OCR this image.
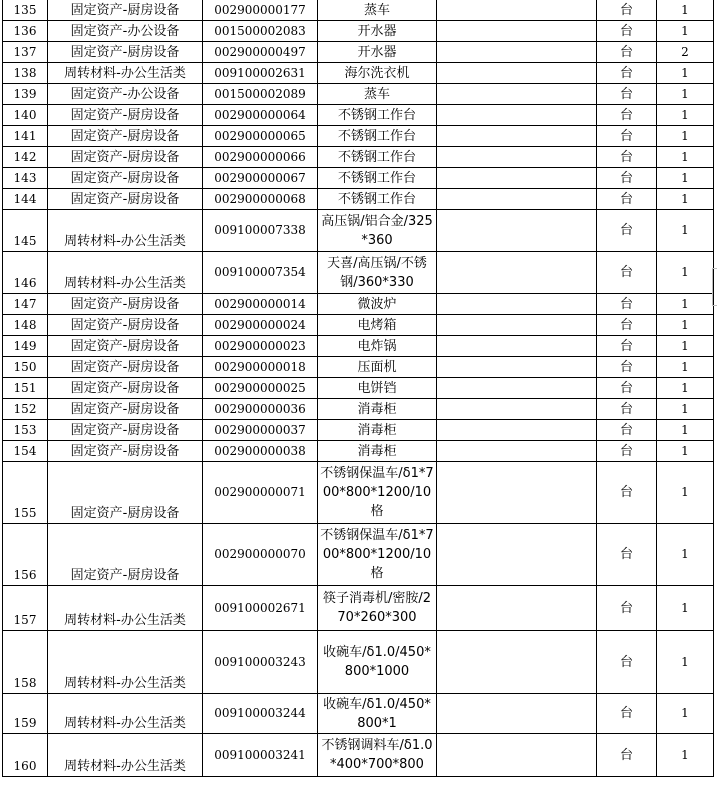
135	固定资产-厨房设备	002900000177	蒸车		台	1
136	固定资产-办公设备	001500002083	开水器		台	1
137	固定资产-厨房设备	002900000497	开水器		台	2
138	周转材料-办公生活类	009100002631	海尔洗衣机		台	1
139	固定资产-办公设备	001500002089	蒸车		台	1
140	固定资产-厨房设备	002900000064	不锈钢工作台		台	1
141	固定资产-厨房设备	002900000065	不锈钢工作台		台	1
142	固定资产-厨房设备	002900000066	不锈钢工作台		台	1
143	固定资产-厨房设备	002900000067	不锈钢工作台		台	1
144	固定资产-厨房设备	002900000068	不锈钢工作台		台	1
145	周转材料-办公生活类	009100007338	高压锅/铝合金/325*360		台	1
146	周转材料-办公生活类	009100007354	天喜/高压锅/不锈钢/360*330		台	1
147	固定资产-厨房设备	002900000014	微波炉		台	1
148	固定资产-厨房设备	002900000024	电烤箱		台	1
149	固定资产-厨房设备	002900000023	电炸锅		台	1
150	固定资产-厨房设备	002900000018	压面机		台	1
151	固定资产-厨房设备	002900000025	电饼铛		台	1
152	固定资产-厨房设备	002900000036	消毒柜		台	1
153	固定资产-厨房设备	002900000037	消毒柜		台	1
154	固定资产-厨房设备	002900000038	消毒柜		台	1
155	固定资产-厨房设备	002900000071	不锈钢保温车/δ1*700*800*1200/10格		台	1
156	固定资产-厨房设备	002900000070	不锈钢保温车/δ1*700*800*1200/10格		台	1
157	周转材料-办公生活类	009100002671	筷子消毒机/密胺/270*260*300		台	1
158	周转材料-办公生活类	009100003243	收碗车/δ1.0/450*800*1000		台	1
159	周转材料-办公生活类	009100003244	收碗车/δ1.0/450*800*1		台	1
160	周转材料-办公生活类	009100003241	不锈钢调料车/δ1.0*400*700*800		台	1
